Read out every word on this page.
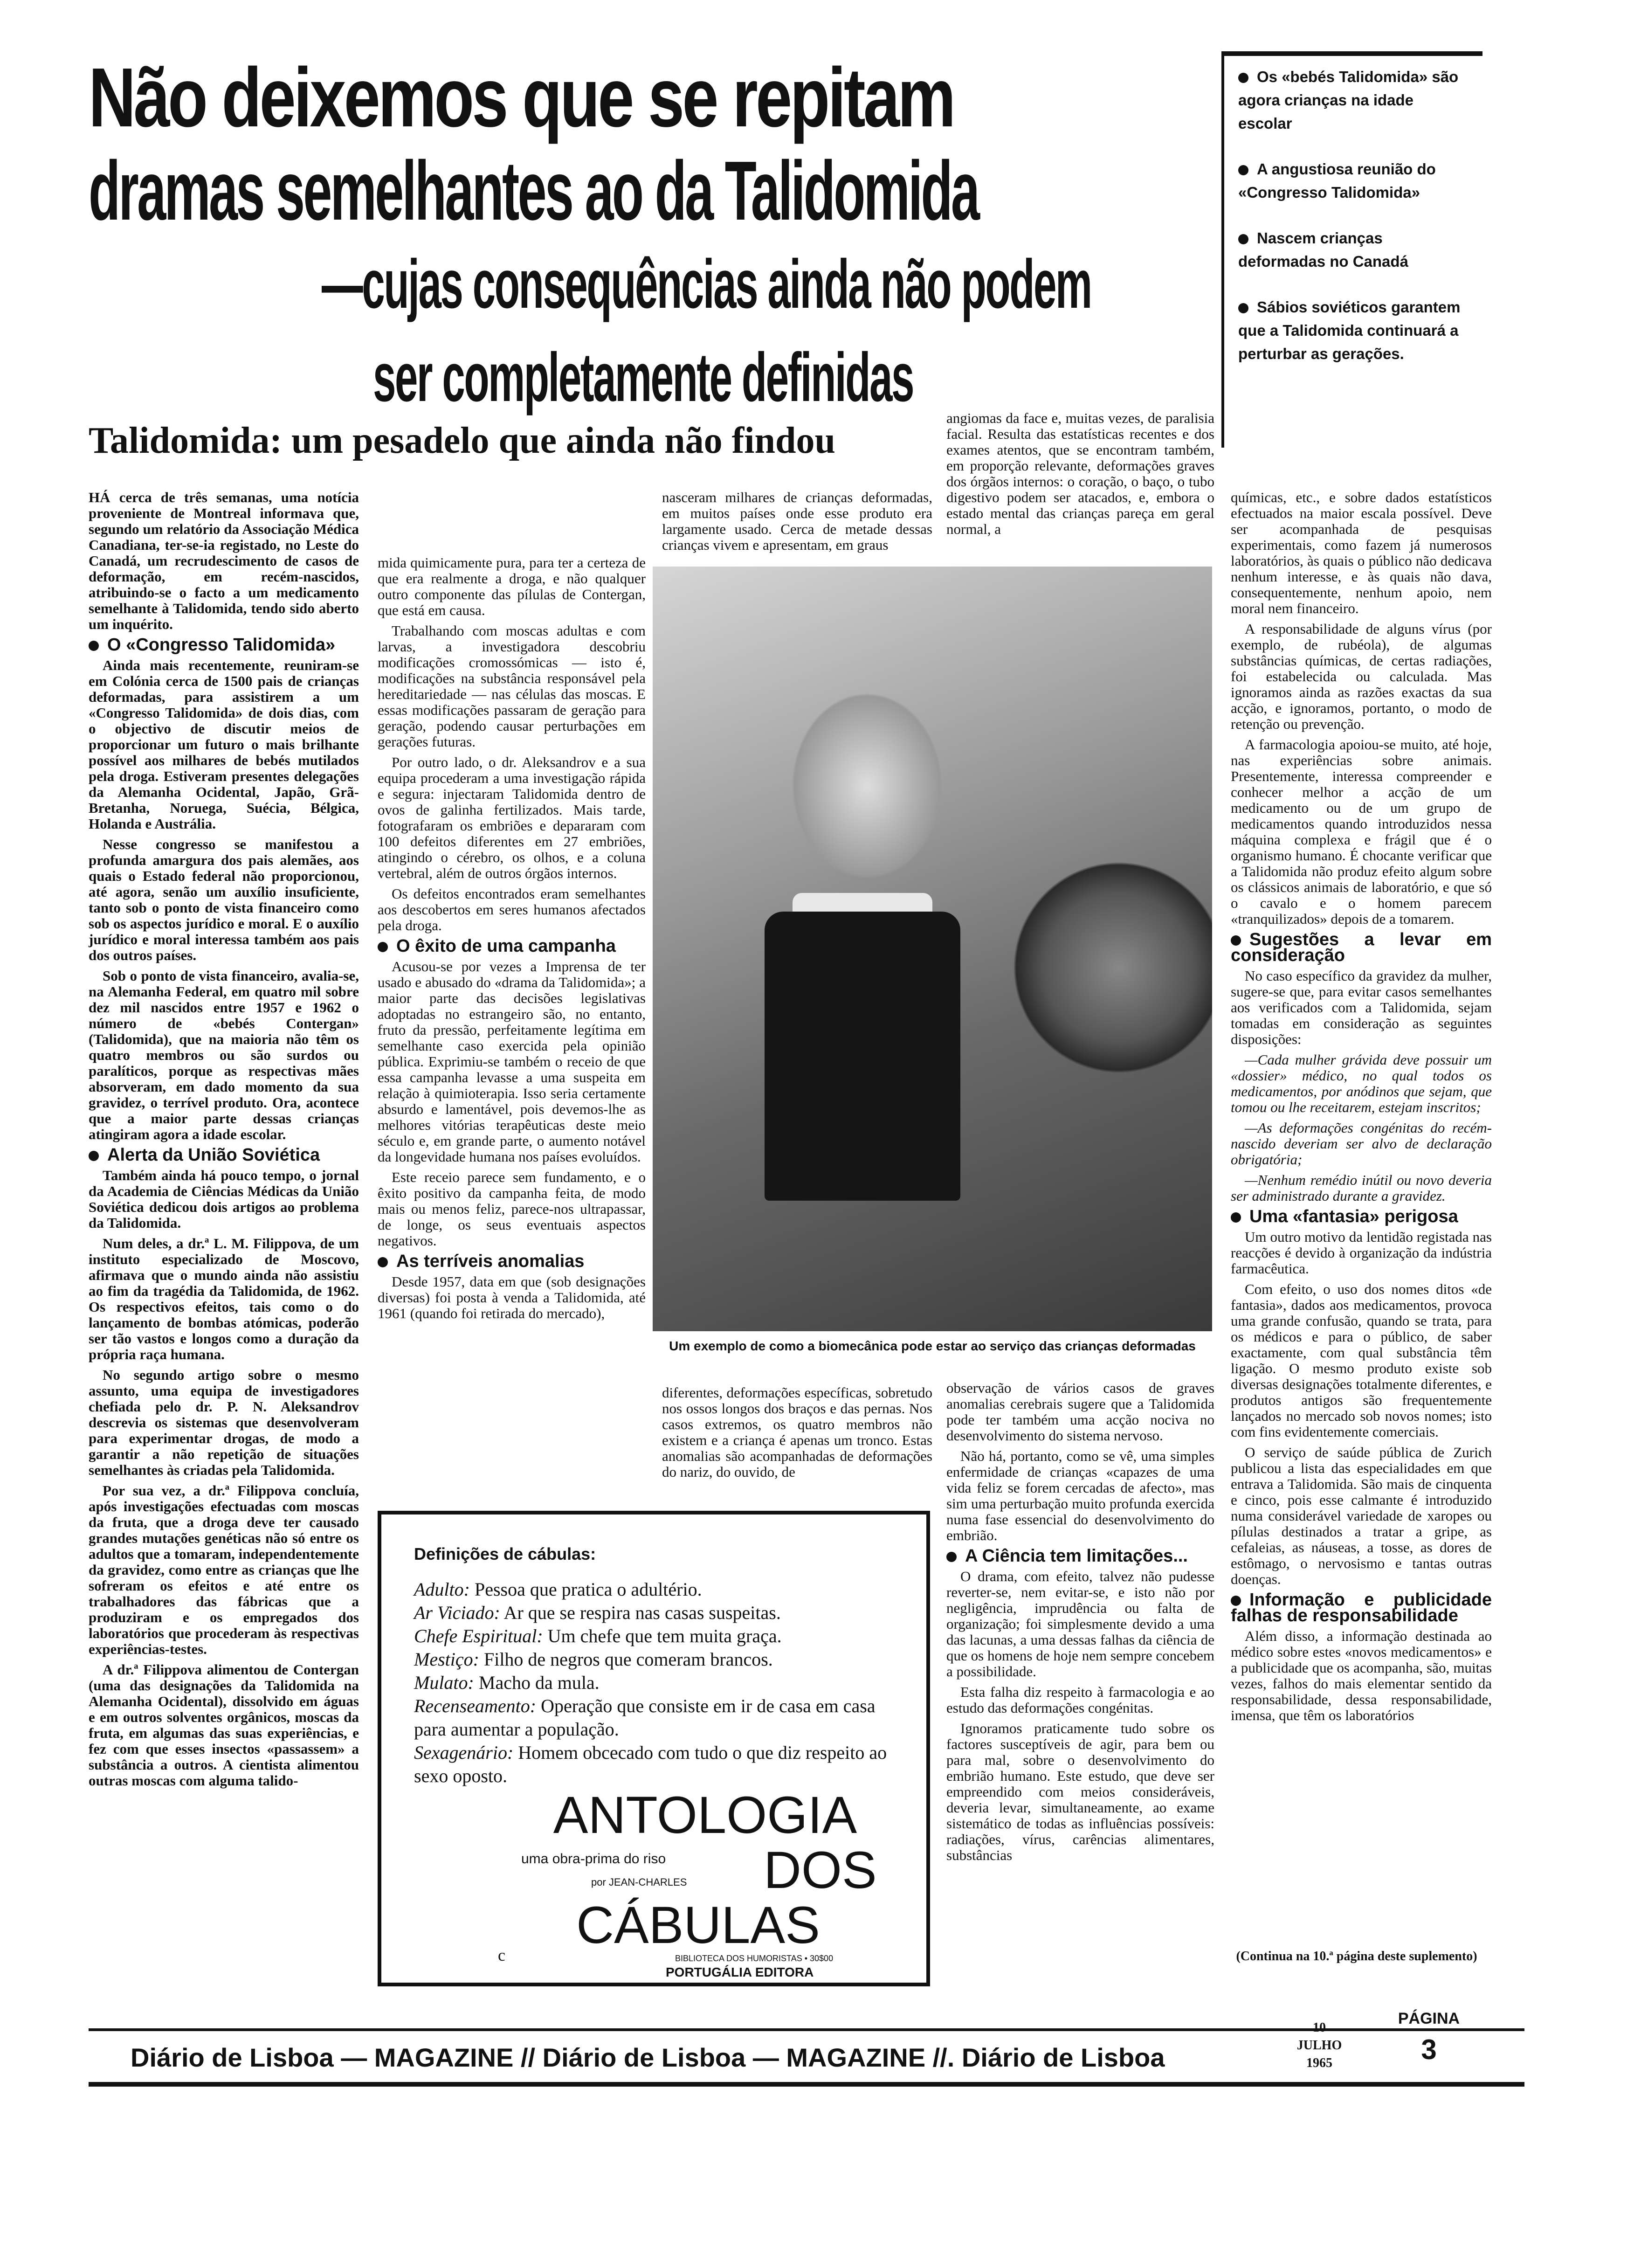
Não deixemos que se repitam
dramas semelhantes ao da Talidomida
—cujas consequências ainda não podem
ser completamente definidas

Os «bebés Talidomida» são agora crianças na idade escolar

A angustiosa reunião do «Congresso Talidomida»

Nascem crianças deformadas no Canadá

Sábios soviéticos garantem que a Talidomida continuará a perturbar as gerações.

Talidomida: um pesadelo que ainda não findou

HÁ cerca de três semanas, uma notícia proveniente de Montreal informava que, segundo um relatório da Associação Médica Canadiana, ter-se-ia registado, no Leste do Canadá, um recrudescimento de casos de deformação, em recém-nascidos, atribuindo-se o facto a um medicamento semelhante à Talidomida, tendo sido aberto um inquérito.

O «Congresso Talidomida»

Ainda mais recentemente, reuniram-se em Colónia cerca de 1500 pais de crianças deformadas, para assistirem a um «Congresso Talidomida» de dois dias, com o objectivo de discutir meios de proporcionar um futuro o mais brilhante possível aos milhares de bebés mutilados pela droga. Estiveram presentes delegações da Alemanha Ocidental, Japão, Grã-Bretanha, Noruega, Suécia, Bélgica, Holanda e Austrália.

Nesse congresso se manifestou a profunda amargura dos pais alemães, aos quais o Estado federal não proporcionou, até agora, senão um auxílio insuficiente, tanto sob o ponto de vista financeiro como sob os aspectos jurídico e moral. E o auxílio jurídico e moral interessa também aos pais dos outros países.

Sob o ponto de vista financeiro, avalia-se, na Alemanha Federal, em quatro mil sobre dez mil nascidos entre 1957 e 1962 o número de «bebés Contergan» (Talidomida), que na maioria não têm os quatro membros ou são surdos ou paralíticos, porque as respectivas mães absorveram, em dado momento da sua gravidez, o terrível produto. Ora, acontece que a maior parte dessas crianças atingiram agora a idade escolar.

Alerta da União Soviética

Também ainda há pouco tempo, o jornal da Academia de Ciências Médicas da União Soviética dedicou dois artigos ao problema da Talidomida.

Num deles, a dr.ª L. M. Filippova, de um instituto especializado de Moscovo, afirmava que o mundo ainda não assistiu ao fim da tragédia da Talidomida, de 1962. Os respectivos efeitos, tais como o do lançamento de bombas atómicas, poderão ser tão vastos e longos como a duração da própria raça humana.

No segundo artigo sobre o mesmo assunto, uma equipa de investigadores chefiada pelo dr. P. N. Aleksandrov descrevia os sistemas que desenvolveram para experimentar drogas, de modo a garantir a não repetição de situações semelhantes às criadas pela Talidomida.

Por sua vez, a dr.ª Filippova concluía, após investigações efectuadas com moscas da fruta, que a droga deve ter causado grandes mutações genéticas não só entre os adultos que a tomaram, independentemente da gravidez, como entre as crianças que lhe sofreram os efeitos e até entre os trabalhadores das fábricas que a produziram e os empregados dos laboratórios que procederam às respectivas experiências-testes.

A dr.ª Filippova alimentou de Contergan (uma das designações da Talidomida na Alemanha Ocidental), dissolvido em águas e em outros solventes orgânicos, moscas da fruta, em algumas das suas experiências, e fez com que esses insectos «passassem» a substância a outros. A cientista alimentou outras moscas com alguma talido-

mida quimicamente pura, para ter a certeza de que era realmente a droga, e não qualquer outro componente das pílulas de Contergan, que está em causa.

Trabalhando com moscas adultas e com larvas, a investigadora descobriu modificações cromossómicas — isto é, modificações na substância responsável pela hereditariedade — nas células das moscas. E essas modificações passaram de geração para geração, podendo causar perturbações em gerações futuras.

Por outro lado, o dr. Aleksandrov e a sua equipa procederam a uma investigação rápida e segura: injectaram Talidomida dentro de ovos de galinha fertilizados. Mais tarde, fotografaram os embriões e depararam com 100 defeitos diferentes em 27 embriões, atingindo o cérebro, os olhos, e a coluna vertebral, além de outros órgãos internos.

Os defeitos encontrados eram semelhantes aos descobertos em seres humanos afectados pela droga.

O êxito de uma campanha

Acusou-se por vezes a Imprensa de ter usado e abusado do «drama da Talidomida»; a maior parte das decisões legislativas adoptadas no estrangeiro são, no entanto, fruto da pressão, perfeitamente legítima em semelhante caso exercida pela opinião pública. Exprimiu-se também o receio de que essa campanha levasse a uma suspeita em relação à quimioterapia. Isso seria certamente absurdo e lamentável, pois devemos-lhe as melhores vitórias terapêuticas deste meio século e, em grande parte, o aumento notável da longevidade humana nos países evoluídos.

Este receio parece sem fundamento, e o êxito positivo da campanha feita, de modo mais ou menos feliz, parece-nos ultrapassar, de longe, os seus eventuais aspectos negativos.

As terríveis anomalias

Desde 1957, data em que (sob designações diversas) foi posta à venda a Talidomida, até 1961 (quando foi retirada do mercado),

nasceram milhares de crianças deformadas, em muitos países onde esse produto era largamente usado. Cerca de metade dessas crianças vivem e apresentam, em graus

angiomas da face e, muitas vezes, de paralisia facial. Resulta das estatísticas recentes e dos exames atentos, que se encontram também, em proporção relevante, deformações graves dos órgãos internos: o coração, o baço, o tubo digestivo podem ser atacados, e, embora o estado mental das crianças pareça em geral normal, a

Um exemplo de como a biomecânica pode estar ao serviço das crianças deformadas

diferentes, deformações específicas, sobretudo nos ossos longos dos braços e das pernas. Nos casos extremos, os quatro membros não existem e a criança é apenas um tronco. Estas anomalias são acompanhadas de deformações do nariz, do ouvido, de

observação de vários casos de graves anomalias cerebrais sugere que a Talidomida pode ter também uma acção nociva no desenvolvimento do sistema nervoso.

Não há, portanto, como se vê, uma simples enfermidade de crianças «capazes de uma vida feliz se forem cercadas de afecto», mas sim uma perturbação muito profunda exercida numa fase essencial do desenvolvimento do embrião.

A Ciência tem limitações...

O drama, com efeito, talvez não pudesse reverter-se, nem evitar-se, e isto não por negligência, imprudência ou falta de organização; foi simplesmente devido a uma das lacunas, a uma dessas falhas da ciência de que os homens de hoje nem sempre concebem a possibilidade.

Esta falha diz respeito à farmacologia e ao estudo das deformações congénitas.

Ignoramos praticamente tudo sobre os factores susceptíveis de agir, para bem ou para mal, sobre o desenvolvimento do embrião humano. Este estudo, que deve ser empreendido com meios consideráveis, deveria levar, simultaneamente, ao exame sistemático de todas as influências possíveis: radiações, vírus, carências alimentares, substâncias

químicas, etc., e sobre dados estatísticos efectuados na maior escala possível. Deve ser acompanhada de pesquisas experimentais, como fazem já numerosos laboratórios, às quais o público não dedicava nenhum interesse, e às quais não dava, consequentemente, nenhum apoio, nem moral nem financeiro.

A responsabilidade de alguns vírus (por exemplo, de rubéola), de algumas substâncias químicas, de certas radiações, foi estabelecida ou calculada. Mas ignoramos ainda as razões exactas da sua acção, e ignoramos, portanto, o modo de retenção ou prevenção.

A farmacologia apoiou-se muito, até hoje, nas experiências sobre animais. Presentemente, interessa compreender e conhecer melhor a acção de um medicamento ou de um grupo de medicamentos quando introduzidos nessa máquina complexa e frágil que é o organismo humano. É chocante verificar que a Talidomida não produz efeito algum sobre os clássicos animais de laboratório, e que só o cavalo e o homem parecem «tranquilizados» depois de a tomarem.

Sugestões a levar em consideração

No caso específico da gravidez da mulher, sugere-se que, para evitar casos semelhantes aos verificados com a Talidomida, sejam tomadas em consideração as seguintes disposições:

—Cada mulher grávida deve possuir um «dossier» médico, no qual todos os medicamentos, por anódinos que sejam, que tomou ou lhe receitarem, estejam inscritos;

—As deformações congénitas do recém-nascido deveriam ser alvo de declaração obrigatória;

—Nenhum remédio inútil ou novo deveria ser administrado durante a gravidez.

Uma «fantasia» perigosa

Um outro motivo da lentidão registada nas reacções é devido à organização da indústria farmacêutica.

Com efeito, o uso dos nomes ditos «de fantasia», dados aos medicamentos, provoca uma grande confusão, quando se trata, para os médicos e para o público, de saber exactamente, com qual substância têm ligação. O mesmo produto existe sob diversas designações totalmente diferentes, e produtos antigos são frequentemente lançados no mercado sob novos nomes; isto com fins evidentemente comerciais.

O serviço de saúde pública de Zurich publicou a lista das especialidades em que entrava a Talidomida. São mais de cinquenta e cinco, pois esse calmante é introduzido numa considerável variedade de xaropes ou pílulas destinados a tratar a gripe, as cefaleias, as náuseas, a tosse, as dores de estômago, o nervosismo e tantas outras doenças.

Informação e publicidade falhas de responsabilidade

Além disso, a informação destinada ao médico sobre estes «novos medicamentos» e a publicidade que os acompanha, são, muitas vezes, falhos do mais elementar sentido da responsabilidade, dessa responsabilidade, imensa, que têm os laboratórios

(Continua na 10.ª página deste suplemento)
Definições de cábulas:
Adulto: Pessoa que pratica o adultério.
Ar Viciado: Ar que se respira nas casas suspeitas.
Chefe Espiritual: Um chefe que tem muita graça.
Mestiço: Filho de negros que comeram brancos.
Mulato: Macho da mula.
Recenseamento: Operação que consiste em ir de casa em casa para aumentar a população.
Sexagenário: Homem obcecado com tudo o que diz respeito ao sexo oposto.
ANTOLOGIA
uma obra-prima do riso
por JEAN-CHARLES DOS
CÁBULAS
BIBLIOTECA DOS HUMORISTAS • 30$00
PORTUGÁLIA EDITORA
c
Diário de Lisboa — MAGAZINE // Diário de Lisboa — MAGAZINE //. Diário de Lisboa
10
JULHO
1965
PÁGINA
3
